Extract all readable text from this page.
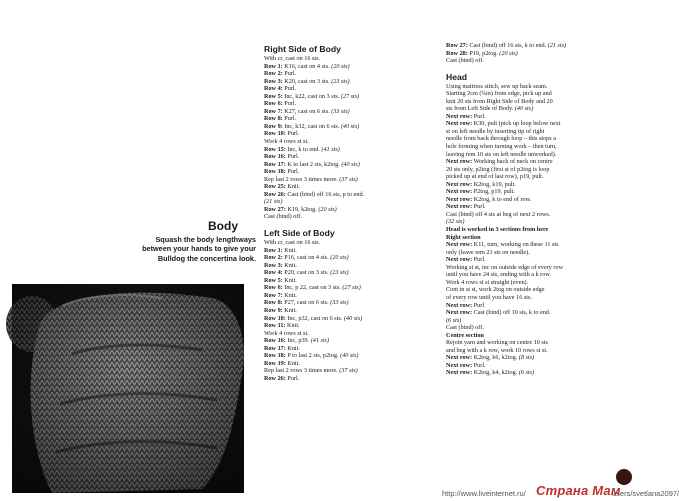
Body
Squash the body lengthways
between your hands to give your
Bulldog the concertina look.
Right Side of Body
With cr, cast on 16 sts.
Row 1: K16, cast on 4 sts. (20 sts)
Row 2: Purl.
Row 3: K20, cast on 3 sts. (23 sts)
Row 4: Purl.
Row 5: Inc, k22, cast on 3 sts. (27 sts)
Row 6: Purl.
Row 7: K27, cast on 6 sts. (33 sts)
Row 8: Purl.
Row 9: Inc, k32, cast on 6 sts. (40 sts)
Row 10: Purl.
Work 4 rows st st.
Row 15: Inc, k to end. (41 sts)
Row 16: Purl.
Row 17: K to last 2 sts, k2tog. (40 sts)
Row 18: Purl.
Rep last 2 rows 3 times more. (37 sts)
Row 25: Knit.
Row 26: Cast (bind) off 16 sts, p to end.
(21 sts)
Row 27: K19, k2tog. (20 sts)
Cast (bind) off.
Left Side of Body
With cr, cast on 16 sts.
Row 1: Knit.
Row 2: P16, cast on 4 sts. (20 sts)
Row 3: Knit.
Row 4: P20, cast on 3 sts. (23 sts)
Row 5: Knit.
Row 6: Inc, p 22, cast on 3 sts. (27 sts)
Row 7: Knit.
Row 8: P27, cast on 6 sts. (33 sts)
Row 9: Knit.
Row 10: Inc, p32, cast on 6 sts. (40 sts)
Row 11: Knit.
Work 4 rows st st.
Row 16: Inc, p39. (41 sts)
Row 17: Knit.
Row 18: P to last 2 sts, p2tog. (40 sts)
Row 19: Knit.
Rep last 2 rows 3 times more. (37 sts)
Row 26: Purl.
Row 27: Cast (bind) off 16 sts, k to end. (21 sts)
Row 28: P19, p2tog. (20 sts)
Cast (bind) off.
Head
Using mattress stitch, sew up back seam.
Starting 2cm (¾in) from edge, pick up and
knit 20 sts from Right Side of Body and 20
sts from Left Side of Body. (40 sts)
Next row: Purl.
Next row: K30, pult (pick up loop below next
st on left needle by inserting tip of right
needle from back through loop – this stops a
hole forming when turning work – then turn,
leaving rem 10 sts on left needle unworked).
Next row: Working back of neck on centre
20 sts only, p2tog (first st of p2tog is loop
picked up at end of last row), p19, pult.
Next row: K2tog, k19, pult.
Next row: P2tog, p19, pult.
Next row: K2tog, k to end of row.
Next row: Purl.
Cast (bind) off 4 sts at beg of next 2 rows.
(32 sts)
Head is worked in 3 sections from here
Right section
Next row: K11, turn, working on these 11 sts
only (leave rem 21 sts on needle).
Next row: Purl.
Working st st, inc on outside edge of every row
until you have 24 sts, ending with a k row.
Work 4 rows st st straight (even).
Cont in st st, work 2tog on outside edge
of every row until you have 16 sts.
Next row: Purl
Next row: Cast (bind) off 10 sts, k to end.
(6 sts)
Cast (bind) off.
Centre section
Rejoin yarn and working on centre 10 sts
and beg with a k row, work 10 rows st st.
Next row: K2tog, k6, k2tog. (8 sts)
Next row: Purl.
Next row: K2tog, k4, k2tog. (6 sts)
http://www.liveinternet.ru/ Страна Мам
users/svetlana2097/
